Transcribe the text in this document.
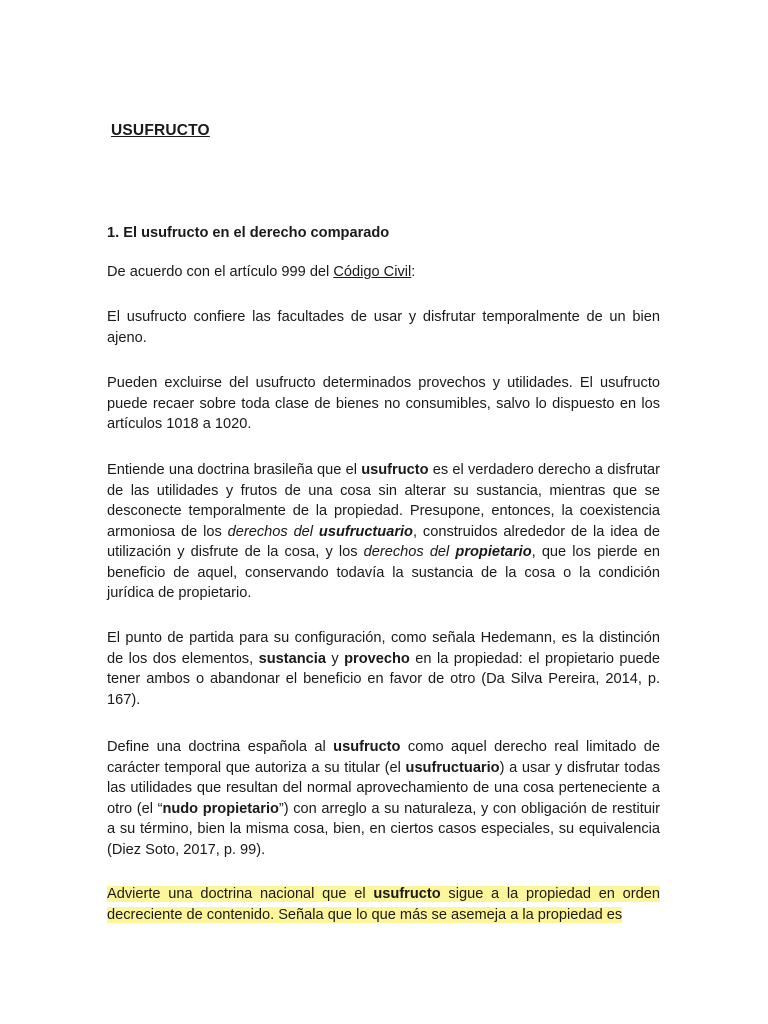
USUFRUCTO
1. El usufructo en el derecho comparado

De acuerdo con el artículo 999 del Código Civil:

El usufructo confiere las facultades de usar y disfrutar temporalmente de un bien ajeno.

Pueden excluirse del usufructo determinados provechos y utilidades. El usufructo puede recaer sobre toda clase de bienes no consumibles, salvo lo dispuesto en los artículos 1018 a 1020.

Entiende una doctrina brasileña que el usufructo es el verdadero derecho a disfrutar de las utilidades y frutos de una cosa sin alterar su sustancia, mientras que se desconecte temporalmente de la propiedad. Presupone, entonces, la coexistencia armoniosa de los derechos del usufructuario, construidos alrededor de la idea de utilización y disfrute de la cosa, y los derechos del propietario, que los pierde en beneficio de aquel, conservando todavía la sustancia de la cosa o la condición jurídica de propietario.

El punto de partida para su configuración, como señala Hedemann, es la distinción de los dos elementos, sustancia y provecho en la propiedad: el propietario puede tener ambos o abandonar el beneficio en favor de otro (Da Silva Pereira, 2014, p. 167).

Define una doctrina española al usufructo como aquel derecho real limitado de carácter temporal que autoriza a su titular (el usufructuario) a usar y disfrutar todas las utilidades que resultan del normal aprovechamiento de una cosa perteneciente a otro (el “nudo propietario”) con arreglo a su naturaleza, y con obligación de restituir a su término, bien la misma cosa, bien, en ciertos casos especiales, su equivalencia (Diez Soto, 2017, p. 99).

Advierte una doctrina nacional que el usufructo sigue a la propiedad en orden decreciente de contenido. Señala que lo que más se asemeja a la propiedad es
